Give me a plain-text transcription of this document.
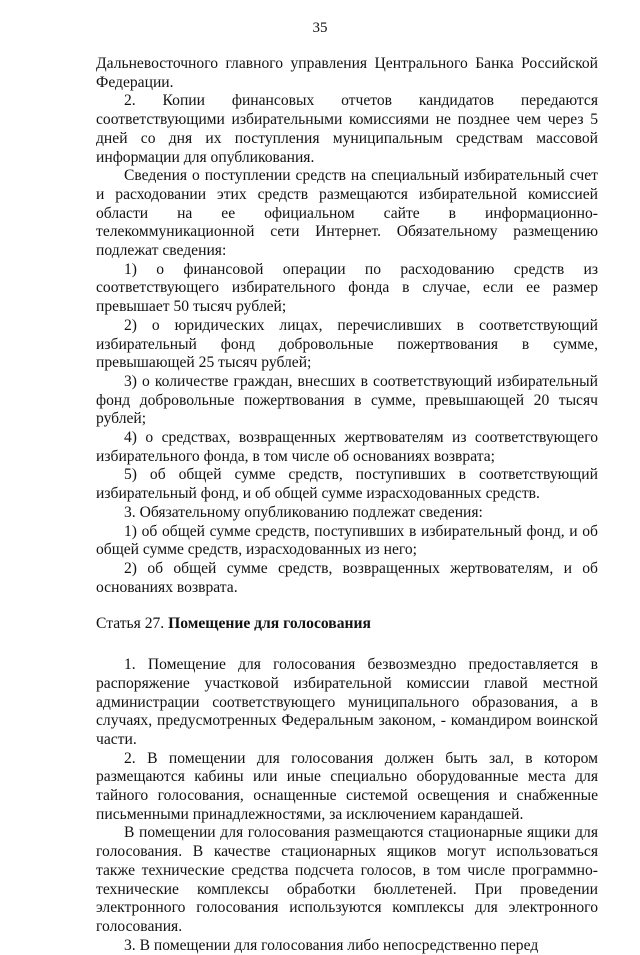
35

Дальневосточного главного управления Центрального Банка Российской Федерации.

2. Копии финансовых отчетов кандидатов передаются соответствующими избирательными комиссиями не позднее чем через 5 дней со дня их поступления муниципальным средствам массовой информации для опубликования.

Сведения о поступлении средств на специальный избирательный счет и расходовании этих средств размещаются избирательной комиссией области на ее официальном сайте в информационно-телекоммуникационной сети Интернет. Обязательному размещению подлежат сведения:

1) о финансовой операции по расходованию средств из соответствующего избирательного фонда в случае, если ее размер превышает 50 тысяч рублей;

2) о юридических лицах, перечисливших в соответствующий избирательный фонд добровольные пожертвования в сумме, превышающей 25 тысяч рублей;

3) о количестве граждан, внесших в соответствующий избирательный фонд добровольные пожертвования в сумме, превышающей 20 тысяч рублей;

4) о средствах, возвращенных жертвователям из соответствующего избирательного фонда, в том числе об основаниях возврата;

5) об общей сумме средств, поступивших в соответствующий избирательный фонд, и об общей сумме израсходованных средств.

3. Обязательному опубликованию подлежат сведения:

1) об общей сумме средств, поступивших в избирательный фонд, и об общей сумме средств, израсходованных из него;

2) об общей сумме средств, возвращенных жертвователям, и об основаниях возврата.

Статья 27. Помещение для голосования

1. Помещение для голосования безвозмездно предоставляется в распоряжение участковой избирательной комиссии главой местной администрации соответствующего муниципального образования, а в случаях, предусмотренных Федеральным законом, - командиром воинской части.

2. В помещении для голосования должен быть зал, в котором размещаются кабины или иные специально оборудованные места для тайного голосования, оснащенные системой освещения и снабженные письменными принадлежностями, за исключением карандашей.

В помещении для голосования размещаются стационарные ящики для голосования. В качестве стационарных ящиков могут использоваться также технические средства подсчета голосов, в том числе программно-технические комплексы обработки бюллетеней. При проведении электронного голосования используются комплексы для электронного голосования.

3. В помещении для голосования либо непосредственно перед
